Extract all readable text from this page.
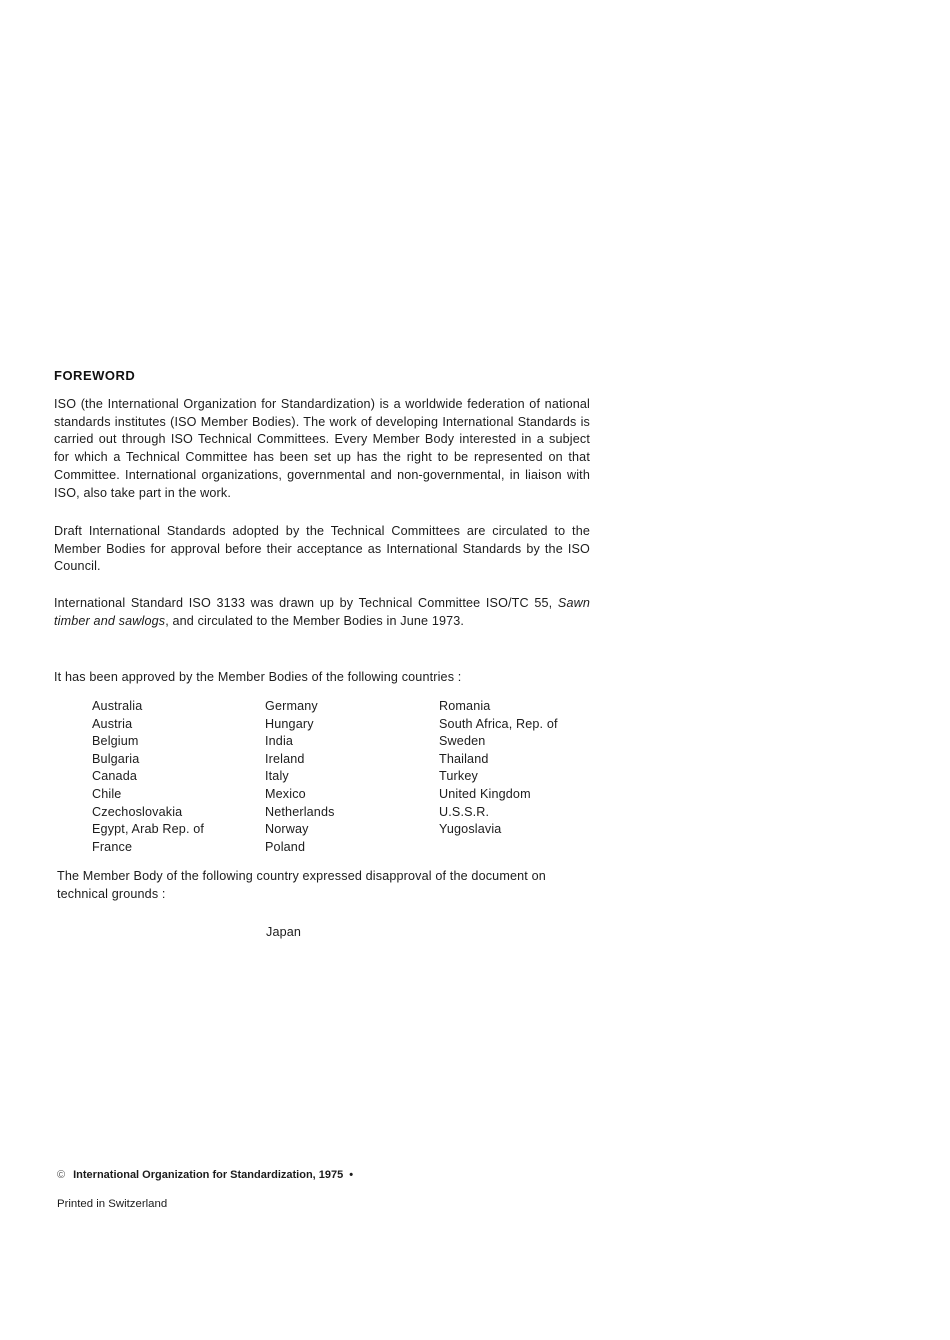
FOREWORD
ISO (the International Organization for Standardization) is a worldwide federation of national standards institutes (ISO Member Bodies). The work of developing International Standards is carried out through ISO Technical Committees. Every Member Body interested in a subject for which a Technical Committee has been set up has the right to be represented on that Committee. International organizations, governmental and non-governmental, in liaison with ISO, also take part in the work.
Draft International Standards adopted by the Technical Committees are circulated to the Member Bodies for approval before their acceptance as International Standards by the ISO Council.
International Standard ISO 3133 was drawn up by Technical Committee ISO/TC 55, Sawn timber and sawlogs, and circulated to the Member Bodies in June 1973.
It has been approved by the Member Bodies of the following countries :
Australia
Austria
Belgium
Bulgaria
Canada
Chile
Czechoslovakia
Egypt, Arab Rep. of
France
Germany
Hungary
India
Ireland
Italy
Mexico
Netherlands
Norway
Poland
Romania
South Africa, Rep. of
Sweden
Thailand
Turkey
United Kingdom
U.S.S.R.
Yugoslavia
The Member Body of the following country expressed disapproval of the document on technical grounds :
Japan
© International Organization for Standardization, 1975 •
Printed in Switzerland
